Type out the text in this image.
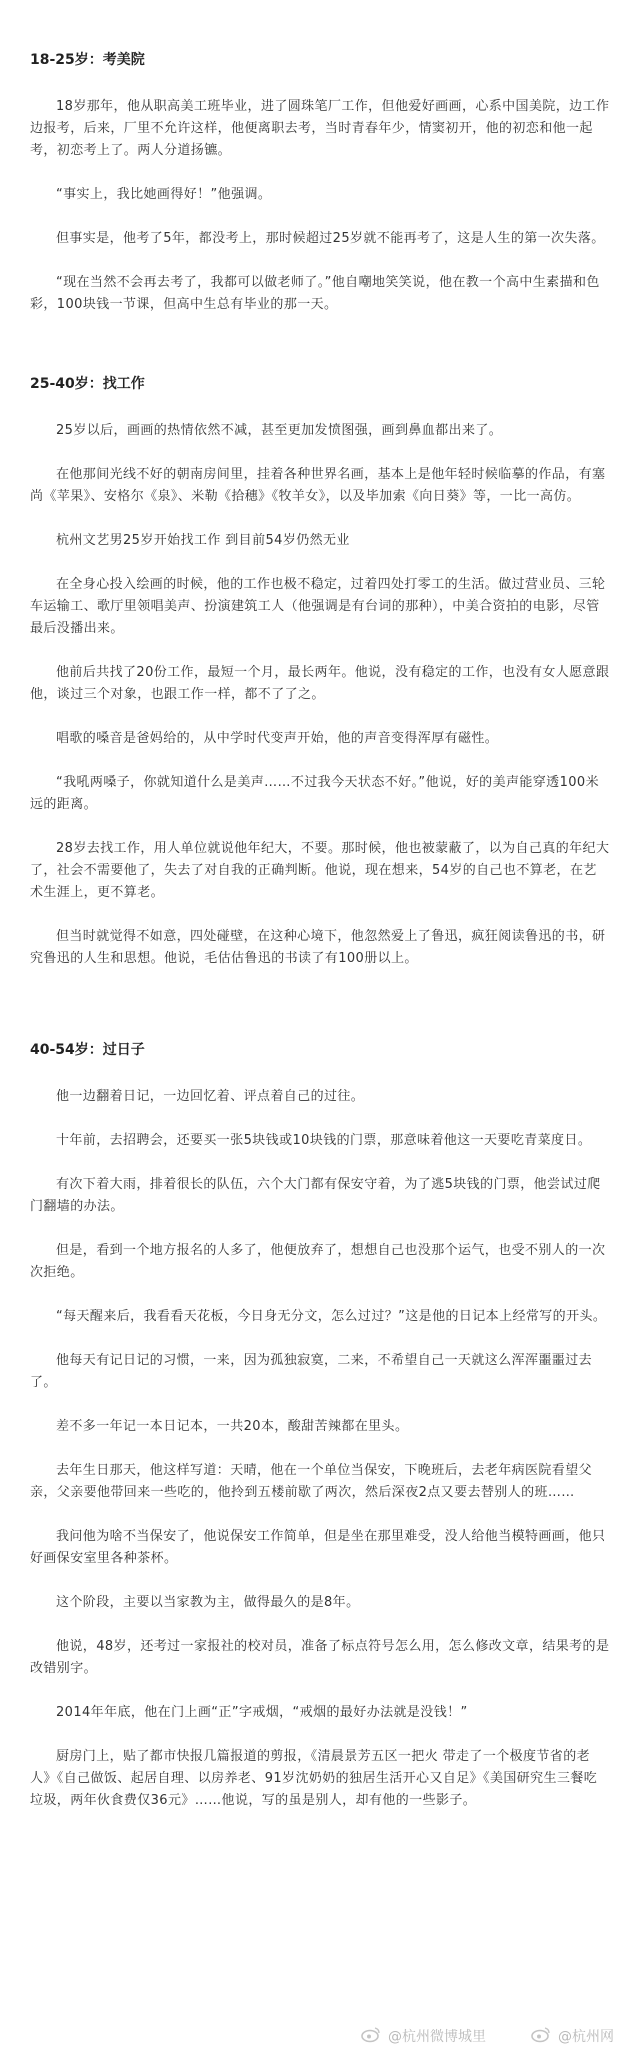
18-25岁：考美院

18岁那年，他从职高美工班毕业，进了圆珠笔厂工作，但他爱好画画，心系中国美院，边工作边报考，后来，厂里不允许这样，他便离职去考，当时青春年少，情窦初开，他的初恋和他一起考，初恋考上了。两人分道扬镳。

“事实上，我比她画得好！”他强调。

但事实是，他考了5年，都没考上，那时候超过25岁就不能再考了，这是人生的第一次失落。

“现在当然不会再去考了，我都可以做老师了。”他自嘲地笑笑说，他在教一个高中生素描和色彩，100块钱一节课，但高中生总有毕业的那一天。

25-40岁：找工作

25岁以后，画画的热情依然不减，甚至更加发愤图强，画到鼻血都出来了。

在他那间光线不好的朝南房间里，挂着各种世界名画，基本上是他年轻时候临摹的作品，有塞尚《苹果》、安格尔《泉》、米勒《拾穗》《牧羊女》，以及毕加索《向日葵》等，一比一高仿。

杭州文艺男25岁开始找工作 到目前54岁仍然无业

在全身心投入绘画的时候，他的工作也极不稳定，过着四处打零工的生活。做过营业员、三轮车运输工、歌厅里领唱美声、扮演建筑工人（他强调是有台词的那种），中美合资拍的电影，尽管最后没播出来。

他前后共找了20份工作，最短一个月，最长两年。他说，没有稳定的工作，也没有女人愿意跟他，谈过三个对象，也跟工作一样，都不了了之。

唱歌的嗓音是爸妈给的，从中学时代变声开始，他的声音变得浑厚有磁性。

“我吼两嗓子，你就知道什么是美声……不过我今天状态不好。”他说，好的美声能穿透100米远的距离。

28岁去找工作，用人单位就说他年纪大，不要。那时候，他也被蒙蔽了，以为自己真的年纪大了，社会不需要他了，失去了对自我的正确判断。他说，现在想来，54岁的自己也不算老，在艺术生涯上，更不算老。

但当时就觉得不如意，四处碰壁，在这种心境下，他忽然爱上了鲁迅，疯狂阅读鲁迅的书，研究鲁迅的人生和思想。他说，毛估估鲁迅的书读了有100册以上。

40-54岁：过日子

他一边翻着日记，一边回忆着、评点着自己的过往。

十年前，去招聘会，还要买一张5块钱或10块钱的门票，那意味着他这一天要吃青菜度日。

有次下着大雨，排着很长的队伍，六个大门都有保安守着，为了逃5块钱的门票，他尝试过爬门翻墙的办法。

但是，看到一个地方报名的人多了，他便放弃了，想想自己也没那个运气，也受不别人的一次次拒绝。

“每天醒来后，我看看天花板，今日身无分文，怎么过过？”这是他的日记本上经常写的开头。

他每天有记日记的习惯，一来，因为孤独寂寞，二来，不希望自己一天就这么浑浑噩噩过去了。

差不多一年记一本日记本，一共20本，酸甜苦辣都在里头。

去年生日那天，他这样写道：天晴，他在一个单位当保安，下晚班后，去老年病医院看望父亲，父亲要他带回来一些吃的，他拎到五楼前歇了两次，然后深夜2点又要去替别人的班……

我问他为啥不当保安了，他说保安工作简单，但是坐在那里难受，没人给他当模特画画，他只好画保安室里各种茶杯。

这个阶段，主要以当家教为主，做得最久的是8年。

他说，48岁，还考过一家报社的校对员，准备了标点符号怎么用，怎么修改文章，结果考的是改错别字。

2014年年底，他在门上画“正”字戒烟，“戒烟的最好办法就是没钱！”

厨房门上，贴了都市快报几篇报道的剪报，《清晨景芳五区一把火 带走了一个极度节省的老人》《自己做饭、起居自理、以房养老、91岁沈奶奶的独居生活开心又自足》《美国研究生三餐吃垃圾，两年伙食费仅36元》……他说，写的虽是别人，却有他的一些影子。

@杭州微博城里	@杭州网
